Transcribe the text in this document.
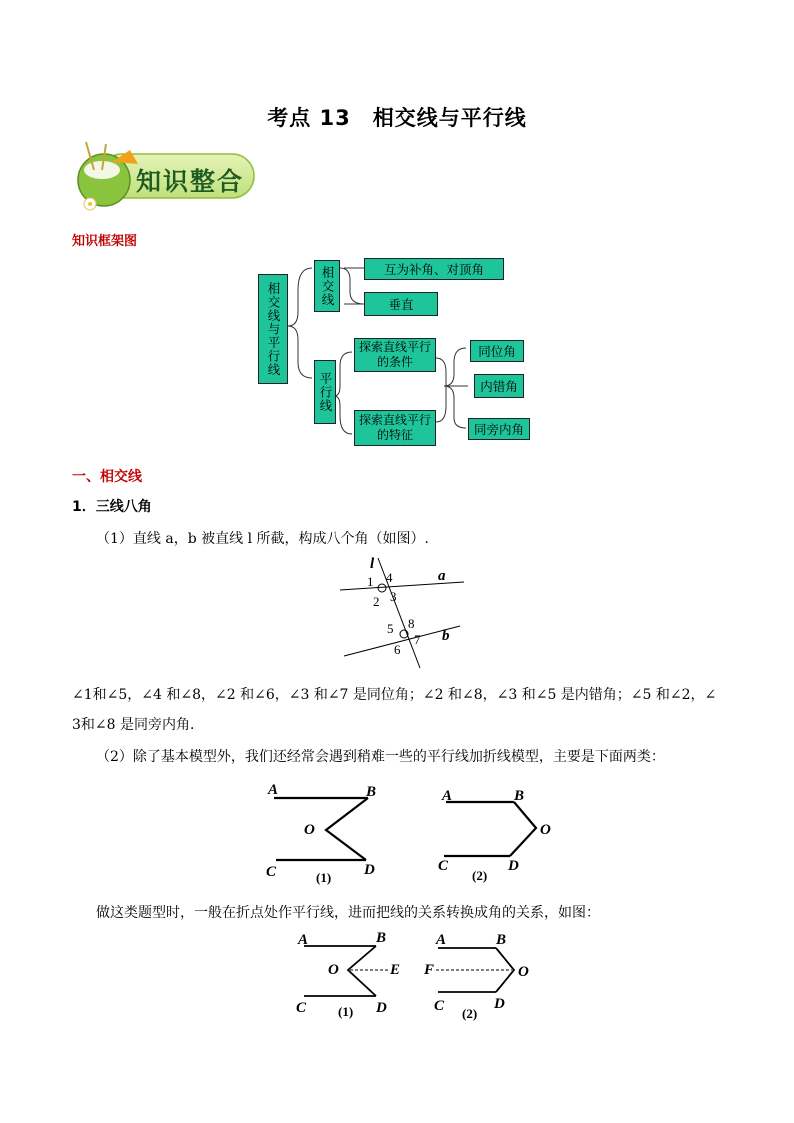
考点 13　相交线与平行线
知识整合
知识框架图
相交线与平行线	相交线
平行线
互为补角、对顶角
垂直
探索直线平行的条件
探索直线平行的特征
同位角
内错角
同旁内角
一、相交线
1．三线八角
（1）直线 a，b 被直线 l 所截，构成八个角（如图）.
l
a
b
1
2 3
4
5
6
7
8
∠1和∠5，∠4 和∠8，∠2 和∠6，∠3 和∠7 是同位角；∠2 和∠8，∠3 和∠5 是内错角；∠5 和∠2，∠
3和∠8 是同旁内角．
（2）除了基本模型外，我们还经常会遇到稍难一些的平行线加折线模型，主要是下面两类：
A	B
O
C	D
(1)
A	B
O
C	D
(2)
做这类题型时，一般在折点处作平行线，进而把线的关系转换成角的关系，如图：
A	B
O	E
C	D
(1)
A	B
F	O
C	D
(2)
